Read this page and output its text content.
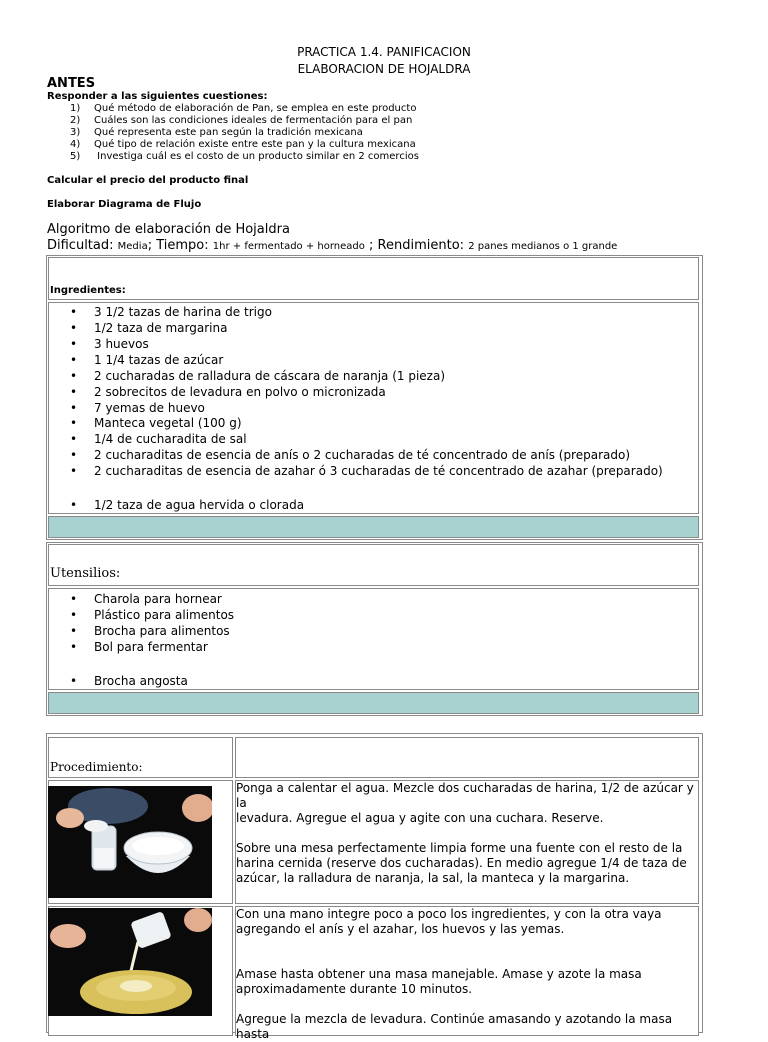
PRACTICA 1.4. PANIFICACION
ELABORACION DE HOJALDRA
ANTES
Responder a las siguientes cuestiones:
1) Qué método de elaboración de Pan, se emplea en este producto
2) Cuáles son las condiciones ideales de fermentación para el pan
3) Qué representa este pan según la tradición mexicana
4) Qué tipo de relación existe entre este pan y la cultura mexicana
5) Investiga cuál es el costo de un producto similar en 2 comercios
Calcular el precio del producto final
Elaborar Diagrama de Flujo
Algoritmo de elaboración de Hojaldra
Dificultad: Media; Tiempo: 1hr + fermentado + horneado ; Rendimiento: 2 panes medianos o 1 grande
Ingredientes:
• 3 1/2 tazas de harina de trigo
• 1/2 taza de margarina
• 3 huevos
• 1 1/4 tazas de azúcar
• 2 cucharadas de ralladura de cáscara de naranja (1 pieza)
• 2 sobrecitos de levadura en polvo o micronizada
• 7 yemas de huevo
• Manteca vegetal (100 g)
• 1/4 de cucharadita de sal
• 2 cucharaditas de esencia de anís o 2 cucharadas de té concentrado de anís (preparado)
• 2 cucharaditas de esencia de azahar ó 3 cucharadas de té concentrado de azahar (preparado)
• 1/2 taza de agua hervida o clorada
Utensilios:
• Charola para hornear
• Plástico para alimentos
• Brocha para alimentos
• Bol para fermentar
• Brocha angosta
Procedimiento:
Ponga a calentar el agua. Mezcle dos cucharadas de harina, 1/2 de azúcar y la
levadura. Agregue el agua y agite con una cuchara. Reserve.
Sobre una mesa perfectamente limpia forme una fuente con el resto de la
harina cernida (reserve dos cucharadas). En medio agregue 1/4 de taza de
azúcar, la ralladura de naranja, la sal, la manteca y la margarina.
Con una mano integre poco a poco los ingredientes, y con la otra vaya
agregando el anís y el azahar, los huevos y las yemas.
Amase hasta obtener una masa manejable. Amase y azote la masa
aproximadamente durante 10 minutos.
Agregue la mezcla de levadura. Continúe amasando y azotando la masa hasta
